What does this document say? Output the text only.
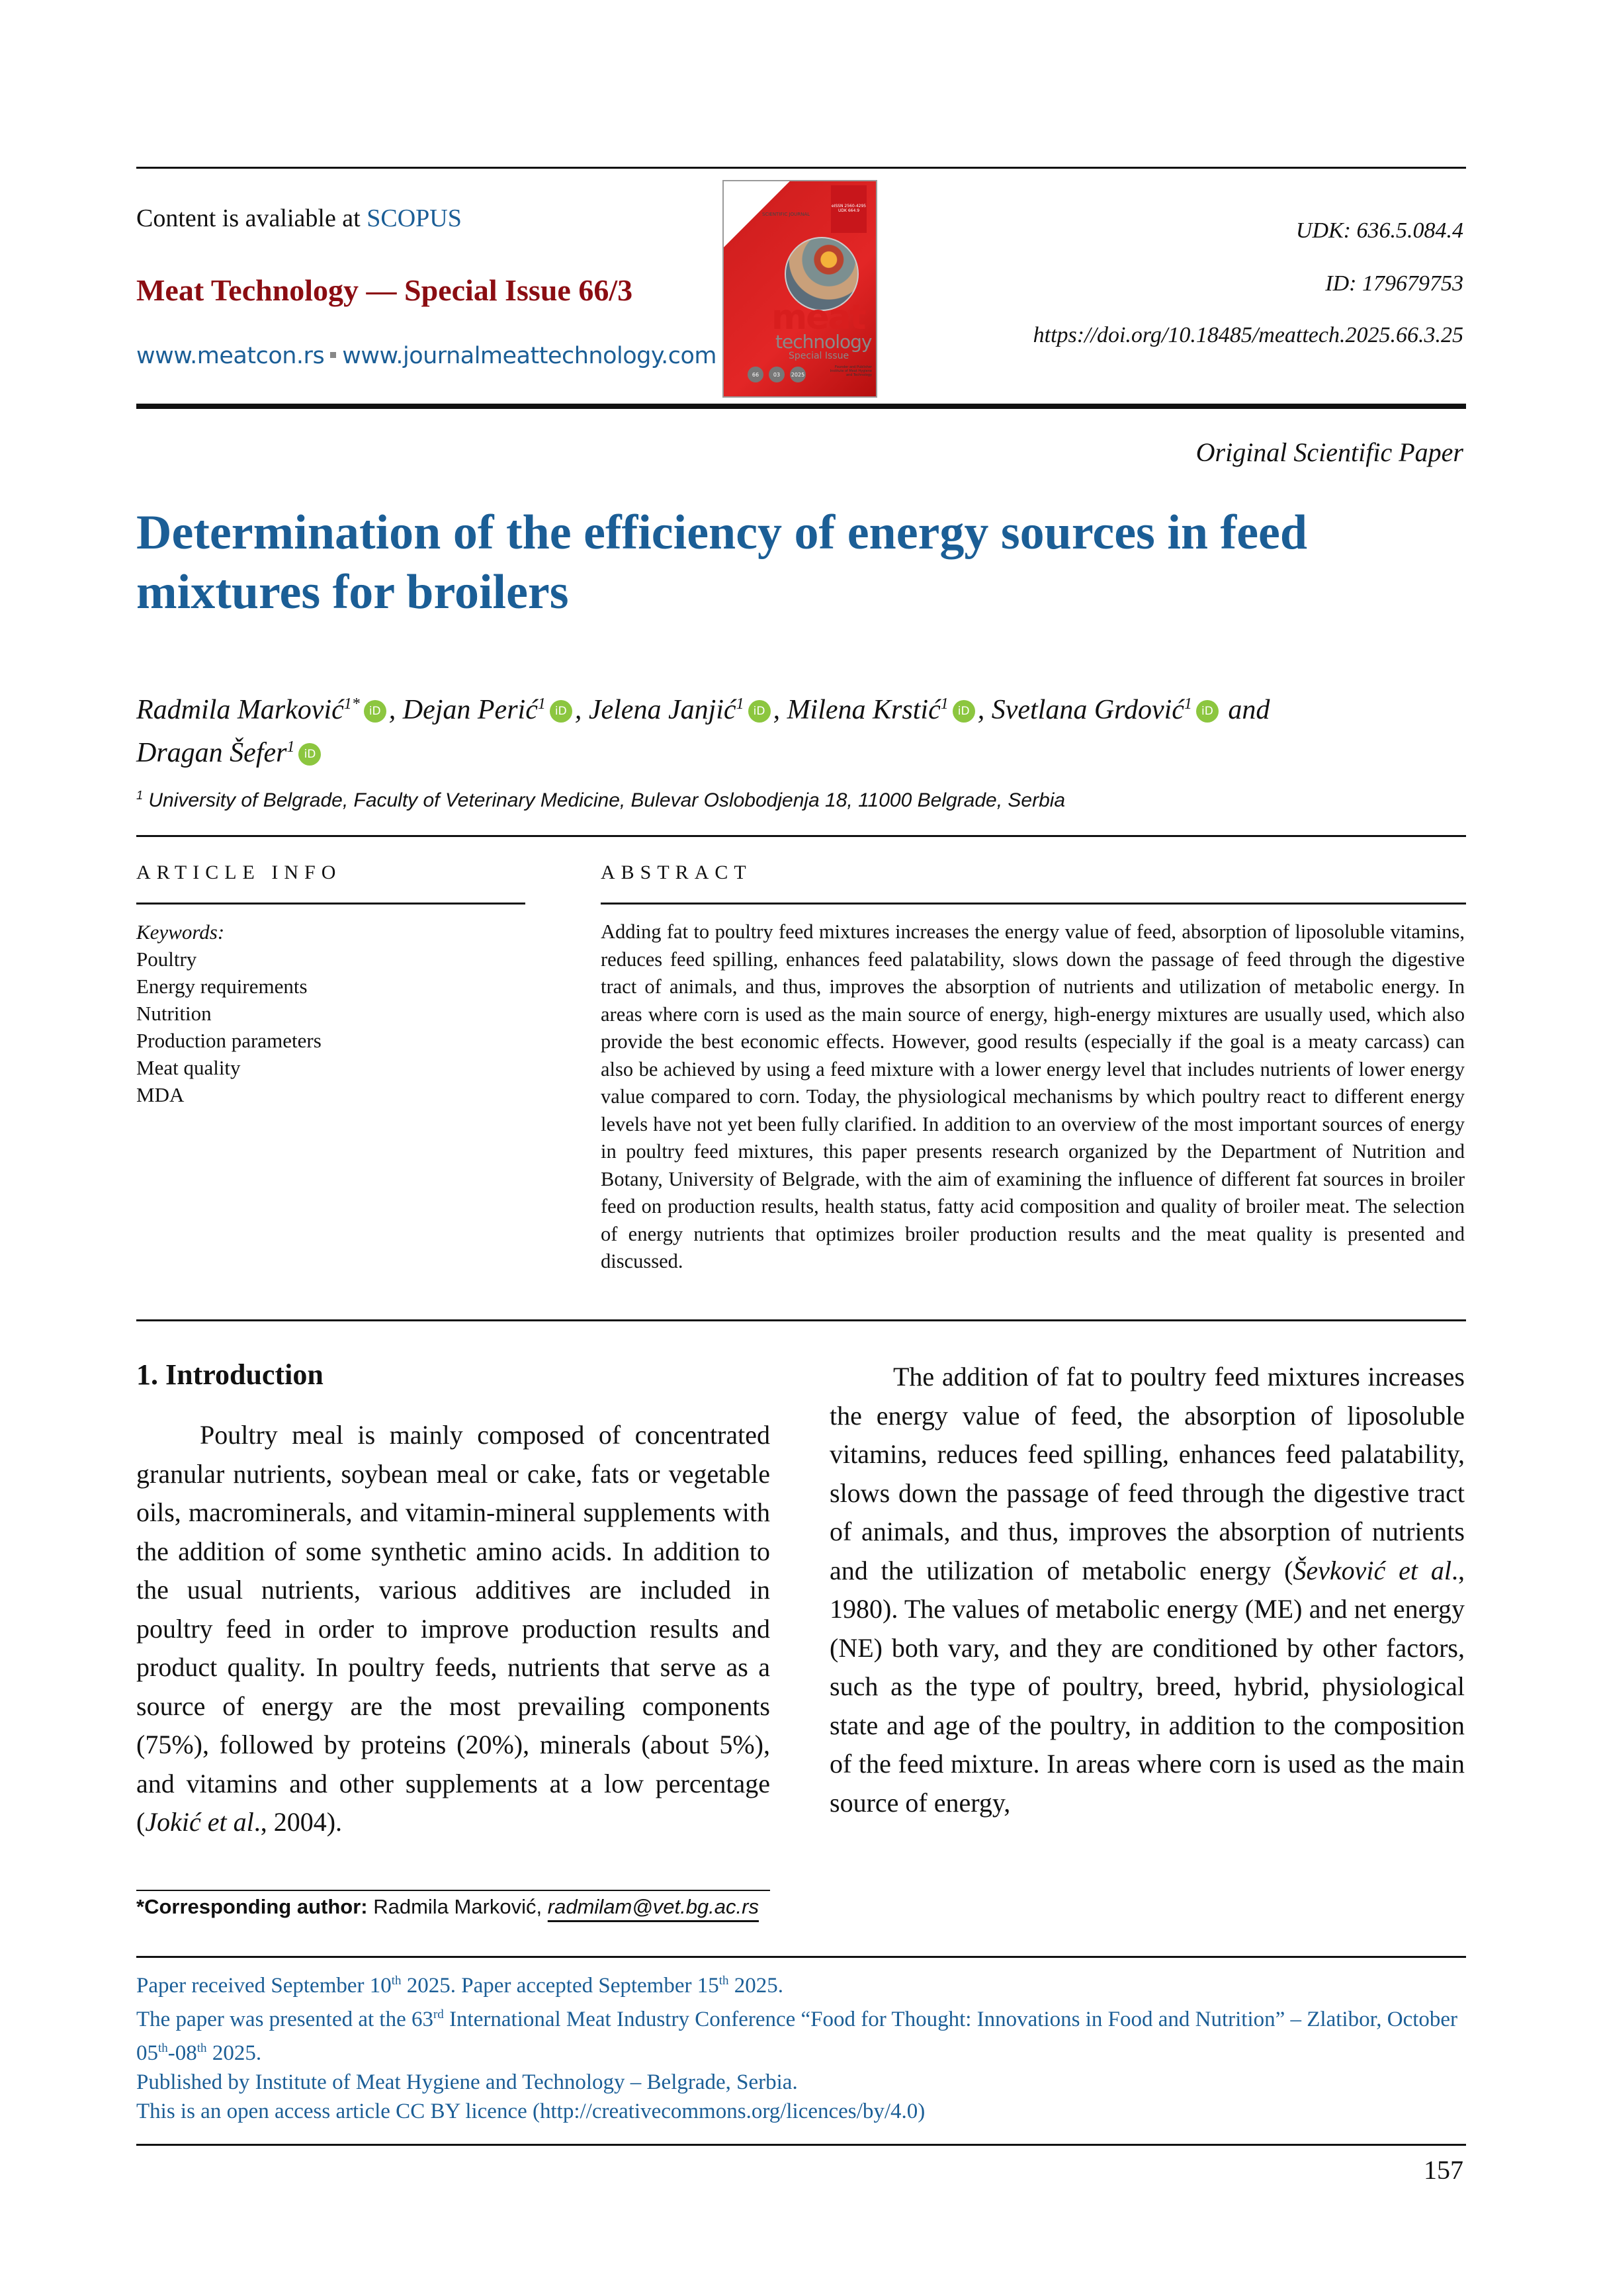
Content is avaliable at SCOPUS
Meat Technology — Special Issue 66/3
www.meatcon.rs www.journalmeattechnology.com
SCIENTIFIC JOURNAL
eISSN 2560-4295 UDK 664.9
meat
technology
Special Issue
Founder and Publisher Institute of Meat Hygiene and Technology
66	03	2025
UDK: 636.5.084.4
ID: 179679753
https://doi.org/10.18485/meattech.2025.66.3.25
Original Scientific Paper
Determination of the efficiency of energy sources in feed mixtures for broilers
Radmila Marković$^{1*}$ iD , Dejan Perić$^1$ iD , Jelena Janjić$^1$ iD , Milena Krstić$^1$ iD , Svetlana Grdović$^1$ iD and
Dragan Šefer$^1$ iD
$^1$ University of Belgrade, Faculty of Veterinary Medicine, Bulevar Oslobodjenja 18, 11000 Belgrade, Serbia
ARTICLE INFO	ABSTRACT
Keywords:
Poultry
Energy requirements
Nutrition
Production parameters
Meat quality
MDA
Adding fat to poultry feed mixtures increases the energy value of feed, absorption of liposoluble vitamins, reduces feed spilling, enhances feed palatability, slows down the passage of feed through the digestive tract of animals, and thus, improves the absorption of nutrients and utilization of metabolic energy. In areas where corn is used as the main source of energy, high-energy mixtures are usually used, which also provide the best economic effects. However, good results (especially if the goal is a meaty carcass) can also be achieved by using a feed mixture with a lower energy level that includes nutrients of lower energy value compared to corn. Today, the physiological mechanisms by which poultry react to different energy levels have not yet been fully clarified. In addition to an overview of the most important sources of energy in poultry feed mixtures, this paper presents research organized by the Department of Nutrition and Botany, University of Belgrade, with the aim of examining the influence of different fat sources in broiler feed on production results, health status, fatty acid composition and quality of broiler meat. The selection of energy nutrients that optimizes broiler production results and the meat quality is presented and discussed.
1. Introduction
Poultry meal is mainly composed of concentrated granular nutrients, soybean meal or cake, fats or vegetable oils, macrominerals, and vitamin-mineral supplements with the addition of some synthetic amino acids. In addition to the usual nutrients, various additives are included in poultry feed in order to improve production results and product quality. In poultry feeds, nutrients that serve as a source of energy are the most prevailing components (75%), followed by proteins (20%), minerals (about 5%), and vitamins and other supplements at a low percentage (Jokić et al., 2004).
The addition of fat to poultry feed mixtures increases the energy value of feed, the absorption of liposoluble vitamins, reduces feed spilling, enhances feed palatability, slows down the passage of feed through the digestive tract of animals, and thus, improves the absorption of nutrients and the utilization of metabolic energy (Ševković et al., 1980). The values of metabolic energy (ME) and net energy (NE) both vary, and they are conditioned by other factors, such as the type of poultry, breed, hybrid, physiological state and age of the poultry, in addition to the composition of the feed mixture. In areas where corn is used as the main source of energy,
*Corresponding author: Radmila Marković, radmilam@vet.bg.ac.rs
Paper received September 10th 2025. Paper accepted September 15th 2025.
The paper was presented at the 63rd International Meat Industry Conference “Food for Thought: Innovations in Food and Nutrition” – Zlatibor, October 05th-08th 2025.
Published by Institute of Meat Hygiene and Technology – Belgrade, Serbia.
This is an open access article CC BY licence (http://creativecommons.org/licences/by/4.0)
157
